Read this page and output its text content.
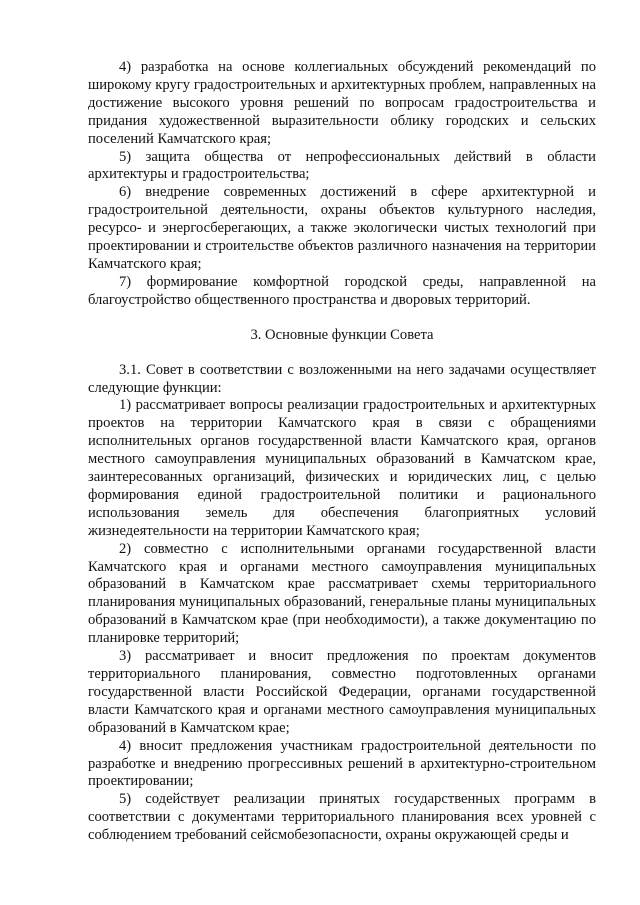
4) разработка на основе коллегиальных обсуждений рекомендаций по широкому кругу градостроительных и архитектурных проблем, направленных на достижение высокого уровня решений по вопросам градостроительства и придания художественной выразительности облику городских и сельских поселений Камчатского края;

5) защита общества от непрофессиональных действий в области архитектуры и градостроительства;

6) внедрение современных достижений в сфере архитектурной и градостроительной деятельности, охраны объектов культурного наследия, ресурсо- и энергосберегающих, а также экологически чистых технологий при проектировании и строительстве объектов различного назначения на территории Камчатского края;

7) формирование комфортной городской среды, направленной на благоустройство общественного пространства и дворовых территорий.

3. Основные функции Совета

3.1. Совет в соответствии с возложенными на него задачами осуществляет следующие функции:

1) рассматривает вопросы реализации градостроительных и архитектурных проектов на территории Камчатского края в связи с обращениями исполнительных органов государственной власти Камчатского края, органов местного самоуправления муниципальных образований в Камчатском крае, заинтересованных организаций, физических и юридических лиц, с целью формирования единой градостроительной политики и рационального использования земель для обеспечения благоприятных условий жизнедеятельности на территории Камчатского края;

2) совместно с исполнительными органами государственной власти Камчатского края и органами местного самоуправления муниципальных образований в Камчатском крае рассматривает схемы территориального планирования муниципальных образований, генеральные планы муниципальных образований в Камчатском крае (при необходимости), а также документацию по планировке территорий;

3) рассматривает и вносит предложения по проектам документов территориального планирования, совместно подготовленных органами государственной власти Российской Федерации, органами государственной власти Камчатского края и органами местного самоуправления муниципальных образований в Камчатском крае;

4) вносит предложения участникам градостроительной деятельности по разработке и внедрению прогрессивных решений в архитектурно-строительном проектировании;

5) содействует реализации принятых государственных программ в соответствии с документами территориального планирования всех уровней с соблюдением требований сейсмобезопасности, охраны окружающей среды и
